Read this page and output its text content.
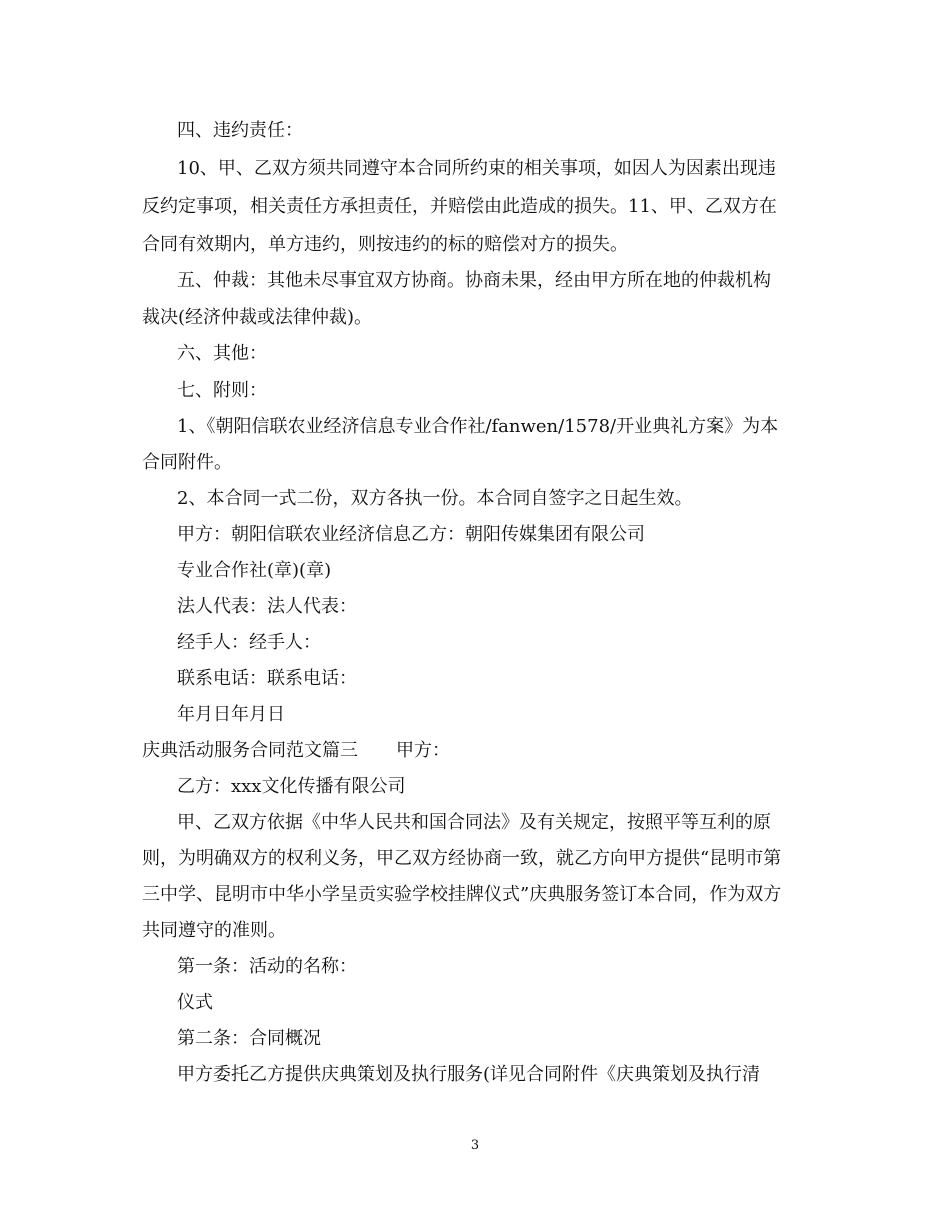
四、违约责任：
10、甲、乙双方须共同遵守本合同所约束的相关事项，如因人为因素出现违
反约定事项，相关责任方承担责任，并赔偿由此造成的损失。11、甲、乙双方在
合同有效期内，单方违约，则按违约的标的赔偿对方的损失。
五、仲裁：其他未尽事宜双方协商。协商未果，经由甲方所在地的仲裁机构
裁决(经济仲裁或法律仲裁)。
六、其他：
七、附则：
1、《朝阳信联农业经济信息专业合作社/fanwen/1578/开业典礼方案》为本
合同附件。
2、本合同一式二份，双方各执一份。本合同自签字之日起生效。
甲方：朝阳信联农业经济信息乙方：朝阳传媒集团有限公司
专业合作社(章)(章)
法人代表：法人代表：
经手人：经手人：
联系电话：联系电话：
年月日年月日
庆典活动服务合同范文篇三 甲方：
乙方：xxx文化传播有限公司
甲、乙双方依据《中华人民共和国合同法》及有关规定，按照平等互利的原
则，为明确双方的权利义务，甲乙双方经协商一致，就乙方向甲方提供“昆明市第
三中学、昆明市中华小学呈贡实验学校挂牌仪式”庆典服务签订本合同，作为双方
共同遵守的准则。
第一条：活动的名称：
仪式
第二条：合同概况
甲方委托乙方提供庆典策划及执行服务(详见合同附件《庆典策划及执行清
3
